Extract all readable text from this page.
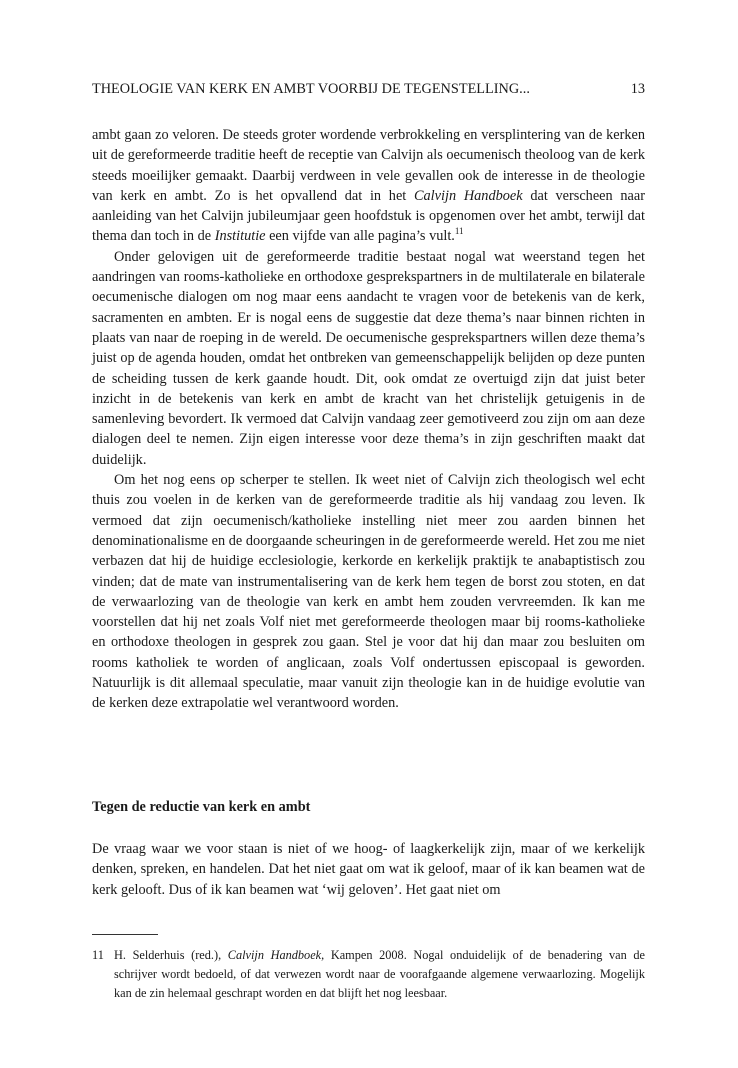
THEOLOGIE VAN KERK EN AMBT VOORBIJ DE TEGENSTELLING...	13

ambt gaan zo veloren. De steeds groter wordende verbrokkeling en versplintering van de kerken uit de gereformeerde traditie heeft de receptie van Calvijn als oecumenisch theoloog van de kerk steeds moeilijker gemaakt. Daarbij verdween in vele gevallen ook de interesse in de theologie van kerk en ambt. Zo is het opvallend dat in het Calvijn Handboek dat verscheen naar aanleiding van het Calvijn jubileumjaar geen hoofdstuk is opgenomen over het ambt, terwijl dat thema dan toch in de Institutie een vijfde van alle pagina’s vult.$^{11}$

Onder gelovigen uit de gereformeerde traditie bestaat nogal wat weerstand tegen het aandringen van rooms-katholieke en orthodoxe gesprekspartners in de multilaterale en bilaterale oecumenische dialogen om nog maar eens aandacht te vragen voor de betekenis van de kerk, sacramenten en ambten. Er is nogal eens de suggestie dat deze thema’s naar binnen richten in plaats van naar de roeping in de wereld. De oecumenische gesprekspartners willen deze thema’s juist op de agenda houden, omdat het ontbreken van gemeenschappelijk belijden op deze punten de scheiding tussen de kerk gaande houdt. Dit, ook omdat ze overtuigd zijn dat juist beter inzicht in de betekenis van kerk en ambt de kracht van het christelijk getuigenis in de samenleving bevordert. Ik vermoed dat Calvijn vandaag zeer gemotiveerd zou zijn om aan deze dialogen deel te nemen. Zijn eigen interesse voor deze thema’s in zijn geschriften maakt dat duidelijk.

Om het nog eens op scherper te stellen. Ik weet niet of Calvijn zich theologisch wel echt thuis zou voelen in de kerken van de gereformeerde traditie als hij vandaag zou leven. Ik vermoed dat zijn oecumenisch/katholieke instelling niet meer zou aarden binnen het denominationalisme en de doorgaande scheuringen in de gereformeerde wereld. Het zou me niet verbazen dat hij de huidige ecclesiologie, kerkorde en kerkelijk praktijk te anabaptistisch zou vinden; dat de mate van instrumentalisering van de kerk hem tegen de borst zou stoten, en dat de verwaarlozing van de theologie van kerk en ambt hem zouden vervreemden. Ik kan me voorstellen dat hij net zoals Volf niet met gereformeerde theologen maar bij rooms-katholieke en orthodoxe theologen in gesprek zou gaan. Stel je voor dat hij dan maar zou besluiten om rooms katholiek te worden of anglicaan, zoals Volf ondertussen episcopaal is geworden. Natuurlijk is dit allemaal speculatie, maar vanuit zijn theologie kan in de huidige evolutie van de kerken deze extrapolatie wel verantwoord worden.

Tegen de reductie van kerk en ambt

De vraag waar we voor staan is niet of we hoog- of laagkerkelijk zijn, maar of we kerkelijk denken, spreken, en handelen. Dat het niet gaat om wat ik geloof, maar of ik kan beamen wat de kerk gelooft. Dus of ik kan beamen wat ‘wij geloven’. Het gaat niet om

11 H. Selderhuis (red.), Calvijn Handboek, Kampen 2008. Nogal onduidelijk of de benadering van de schrijver wordt bedoeld, of dat verwezen wordt naar de voorafgaande algemene verwaarlozing. Mogelijk kan de zin helemaal geschrapt worden en dat blijft het nog leesbaar.
